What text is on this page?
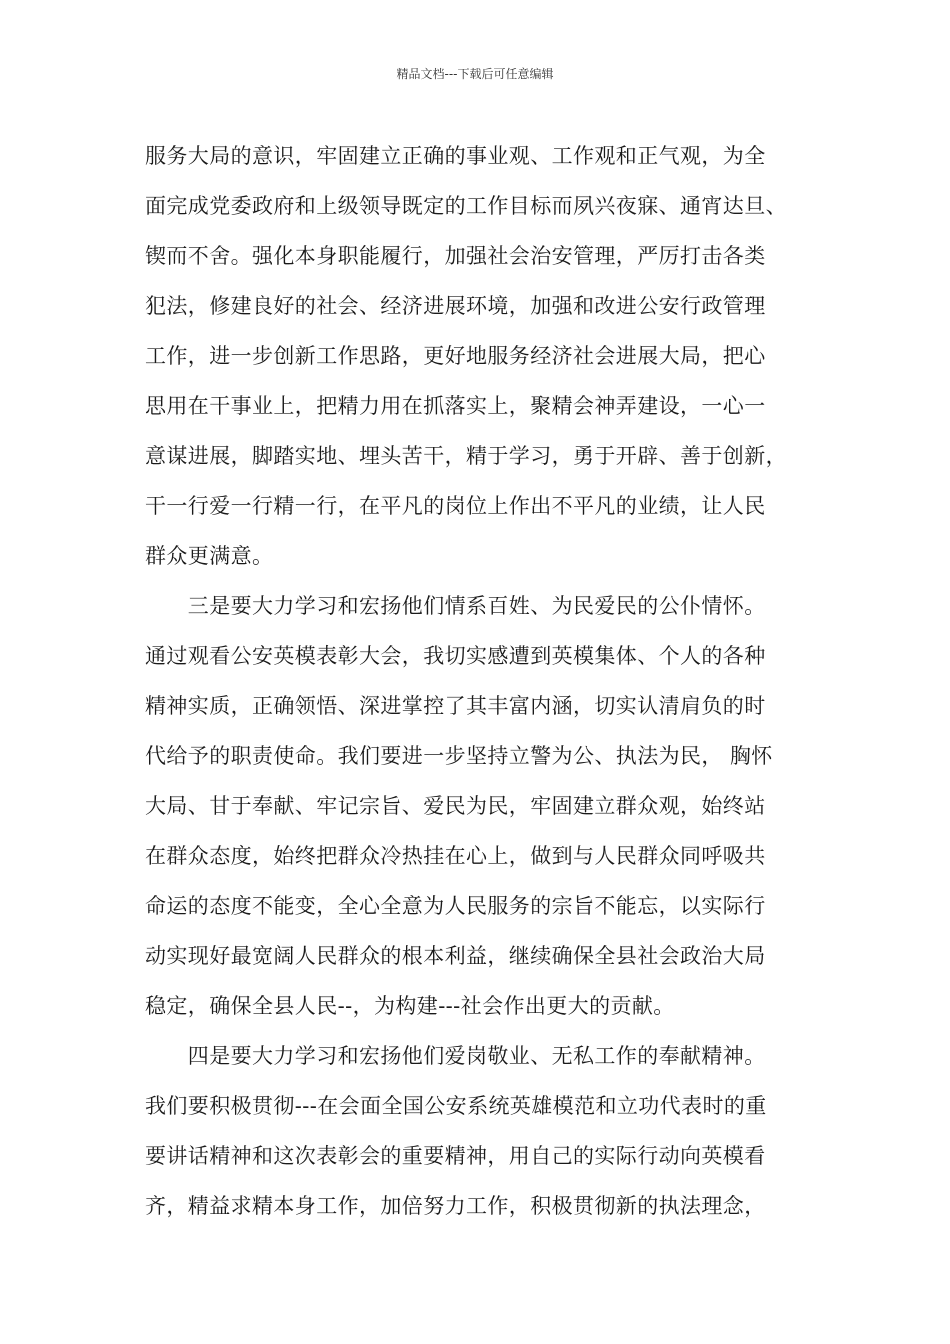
精品文档---下载后可任意编辑
服务大局的意识，牢固建立正确的事业观、工作观和正气观，为全
面完成党委政府和上级领导既定的工作目标而夙兴夜寐、通宵达旦、
锲而不舍。强化本身职能履行，加强社会治安管理，严厉打击各类
犯法，修建良好的社会、经济进展环境，加强和改进公安行政管理
工作，进一步创新工作思路，更好地服务经济社会进展大局，把心
思用在干事业上，把精力用在抓落实上，聚精会神弄建设，一心一
意谋进展，脚踏实地、埋头苦干，精于学习，勇于开辟、善于创新，
干一行爱一行精一行，在平凡的岗位上作出不平凡的业绩，让人民
群众更满意。
　　三是要大力学习和宏扬他们情系百姓、为民爱民的公仆情怀。
通过观看公安英模表彰大会，我切实感遭到英模集体、个人的各种
精神实质，正确领悟、深进掌控了其丰富内涵，切实认清肩负的时
代给予的职责使命。我们要进一步坚持立警为公、执法为民， 胸怀
大局、甘于奉献、牢记宗旨、爱民为民，牢固建立群众观，始终站
在群众态度，始终把群众冷热挂在心上，做到与人民群众同呼吸共
命运的态度不能变，全心全意为人民服务的宗旨不能忘，以实际行
动实现好最宽阔人民群众的根本利益，继续确保全县社会政治大局
稳定，确保全县人民--，为构建---社会作出更大的贡献。
　　四是要大力学习和宏扬他们爱岗敬业、无私工作的奉献精神。
我们要积极贯彻---在会面全国公安系统英雄模范和立功代表时的重
要讲话精神和这次表彰会的重要精神，用自己的实际行动向英模看
齐，精益求精本身工作，加倍努力工作，积极贯彻新的执法理念，
